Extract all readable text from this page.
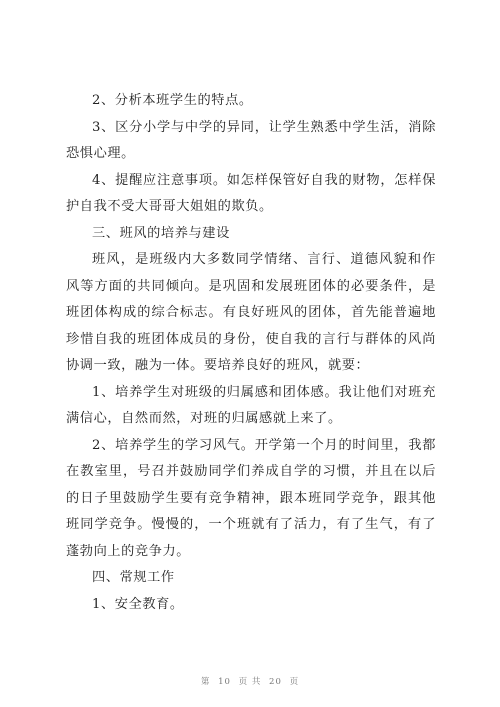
2、分析本班学生的特点。

3、区分小学与中学的异同，让学生熟悉中学生活，消除恐惧心理。

4、提醒应注意事项。如怎样保管好自我的财物，怎样保护自我不受大哥哥大姐姐的欺负。

三、班风的培养与建设

班风，是班级内大多数同学情绪、言行、道德风貌和作风等方面的共同倾向。是巩固和发展班团体的必要条件，是班团体构成的综合标志。有良好班风的团体，首先能普遍地珍惜自我的班团体成员的身份，使自我的言行与群体的风尚协调一致，融为一体。要培养良好的班风，就要：

1、培养学生对班级的归属感和团体感。我让他们对班充满信心，自然而然，对班的归属感就上来了。

2、培养学生的学习风气。开学第一个月的时间里，我都在教室里，号召并鼓励同学们养成自学的习惯，并且在以后的日子里鼓励学生要有竞争精神，跟本班同学竞争，跟其他班同学竞争。慢慢的，一个班就有了活力，有了生气，有了蓬勃向上的竞争力。

四、常规工作

1、安全教育。

第 10 页 共 20 页
